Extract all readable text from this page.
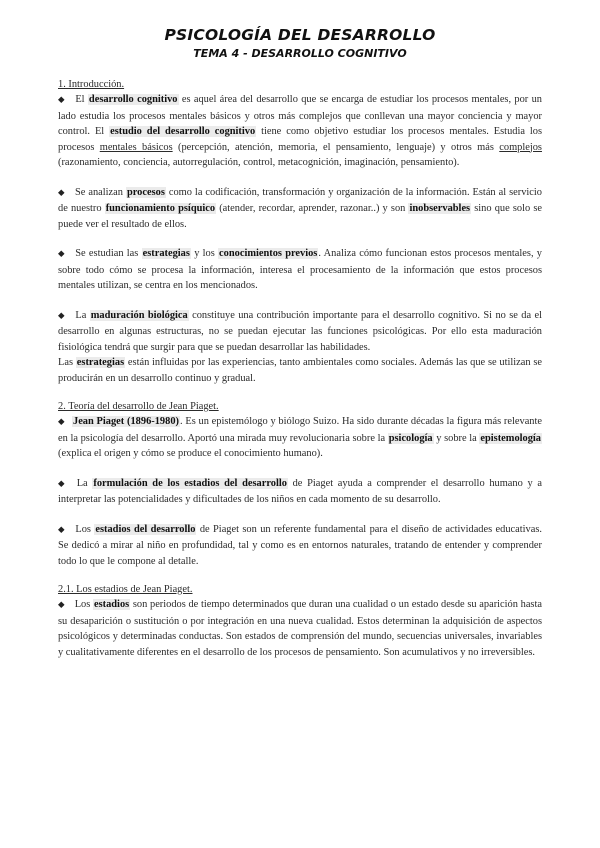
PSICOLOGÍA DEL DESARROLLO
TEMA 4 - DESARROLLO COGNITIVO
1. Introducción.

◆ El desarrollo cognitivo es aquel área del desarrollo que se encarga de estudiar los procesos mentales, por un lado estudia los procesos mentales básicos y otros más complejos que conllevan una mayor conciencia y mayor control. El estudio del desarrollo cognitivo tiene como objetivo estudiar los procesos mentales. Estudia los procesos mentales básicos (percepción, atención, memoria, el pensamiento, lenguaje) y otros más complejos (razonamiento, conciencia, autorregulación, control, metacognición, imaginación, pensamiento).

◆ Se analizan procesos como la codificación, transformación y organización de la información. Están al servicio de nuestro funcionamiento psíquico (atender, recordar, aprender, razonar..) y son inobservables sino que solo se puede ver el resultado de ellos.

◆ Se estudian las estrategias y los conocimientos previos. Analiza cómo funcionan estos procesos mentales, y sobre todo cómo se procesa la información, interesa el procesamiento de la información que estos procesos mentales utilizan, se centra en los mencionados.

◆ La maduración biológica constituye una contribución importante para el desarrollo cognitivo. Si no se da el desarrollo en algunas estructuras, no se puedan ejecutar las funciones psicológicas. Por ello esta maduración fisiológica tendrá que surgir para que se puedan desarrollar las habilidades.

Las estrategias están influidas por las experiencias, tanto ambientales como sociales. Además las que se utilizan se producirán en un desarrollo continuo y gradual.

2. Teoría del desarrollo de Jean Piaget.

◆ Jean Piaget (1896-1980). Es un epistemólogo y biólogo Suizo. Ha sido durante décadas la figura más relevante en la psicología del desarrollo. Aportó una mirada muy revolucionaria sobre la psicología y sobre la epistemología (explica el origen y cómo se produce el conocimiento humano).

◆ La formulación de los estadios del desarrollo de Piaget ayuda a comprender el desarrollo humano y a interpretar las potencialidades y dificultades de los niños en cada momento de su desarrollo.

◆ Los estadios del desarrollo de Piaget son un referente fundamental para el diseño de actividades educativas. Se dedicó a mirar al niño en profundidad, tal y como es en entornos naturales, tratando de entender y comprender todo lo que le compone al detalle.

2.1. Los estadios de Jean Piaget.

◆ Los estadios son periodos de tiempo determinados que duran una cualidad o un estado desde su aparición hasta su desaparición o sustitución o por integración en una nueva cualidad. Estos determinan la adquisición de aspectos psicológicos y determinadas conductas. Son estados de comprensión del mundo, secuencias universales, invariables y cualitativamente diferentes en el desarrollo de los procesos de pensamiento. Son acumulativos y no irreversibles.
